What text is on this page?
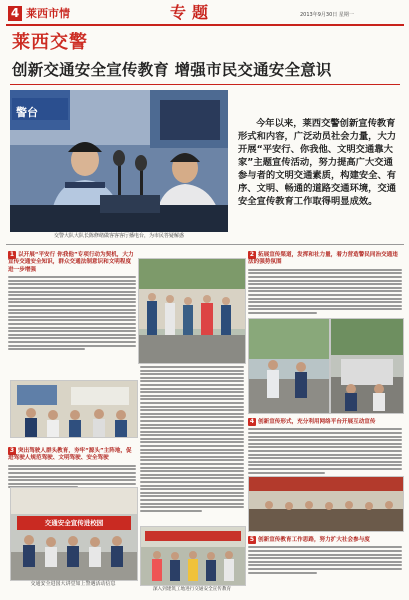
4 莱西市情	专题	2013年9月30日 星期一
莱西交警
创新交通安全宣传教育 增强市民交通安全意识
警台
交警大队大队长陈修绪做客客客厅播电台，为市民答疑解惑
今年以来，莱西交警创新宣传教育形式和内容，广泛动员社会力量，大力开展“平安行、你我他、文明交通靠大家”主题宣传活动，努力提高广大交通参与者的文明交通素质，构建安全、有序、文明、畅通的道路交通环境，交通安全宣传教育工作取得明显成效。
1 以开展“平安行 你我他”专项行动为契机，大力宣传交通安全知识，群众交通法制意识和文明程度进一步增强
3 突出驾驶人群头教育，夯牢“源头”主阵地，促进驾驶人规范驾驶、文明驾驶、安全驾驶
交通安全宣传进校园
交通安全进国大讲堂如上警遇活动信息
2 拓展宣传渠道，发挥和社力量，着力营造警民同治交通违法的强势氛围
4 创新宣传形式，充分利用网络平台开展互动宣传
5 创新宣传教育工作思路，努力扩大社会参与度
深入到建筑工地进行交通安全宣传教育
